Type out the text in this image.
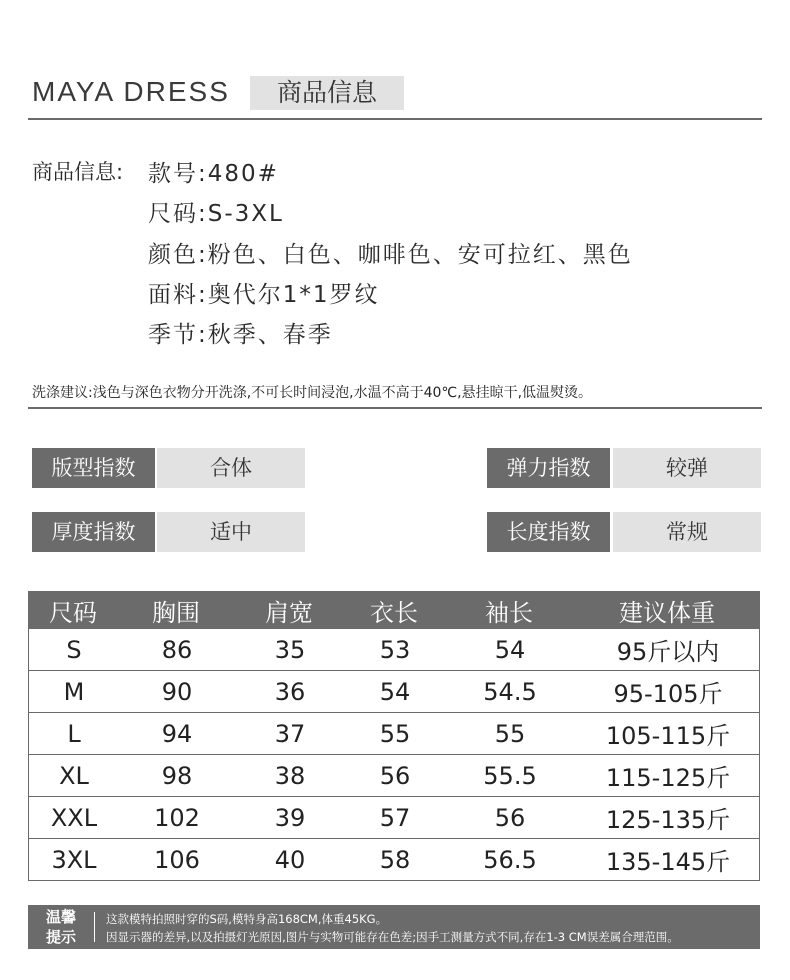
MAYA DRESS	商品信息
商品信息: 款号:480#
尺码:S-3XL
颜色:粉色、白色、咖啡色、安可拉红、黑色
面料:奥代尔1*1罗纹
季节:秋季、春季
洗涤建议:浅色与深色衣物分开洗涤,不可长时间浸泡,水温不高于40℃,悬挂晾干,低温熨烫。
版型指数	合体	弹力指数	较弹
厚度指数	适中	长度指数	常规
尺码	胸围	肩宽	衣长	袖长	建议体重
S	86	35	53	54	95斤以内
M	90	36	54	54.5	95-105斤
L	94	37	55	55	105-115斤
XL	98	38	56	55.5	115-125斤
XXL	102	39	57	56	125-135斤
3XL	106	40	58	56.5	135-145斤
温馨
提示
这款模特拍照时穿的S码,模特身高168CM,体重45KG。
因显示器的差异,以及拍摄灯光原因,图片与实物可能存在色差;因手工测量方式不同,存在1-3 CM误差属合理范围。
